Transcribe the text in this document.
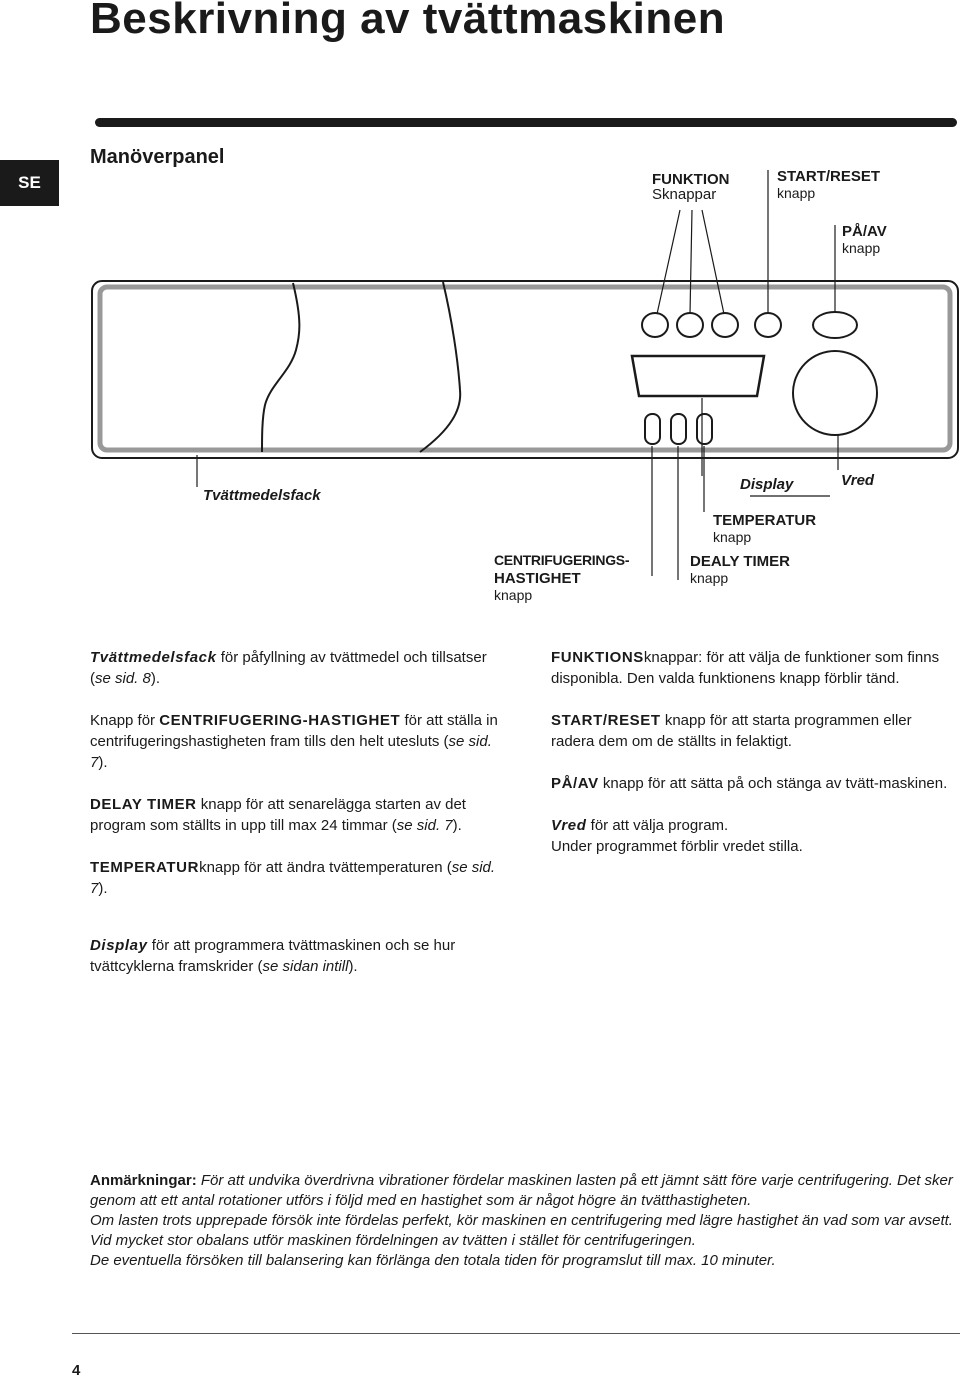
Beskrivning av tvättmaskinen
SE
Manöverpanel
FUNKTION
Sknappar
START/RESET
knapp
PÅ/AV
knapp
Tvättmedelsfack
Display	Vred
TEMPERATUR
knapp
CENTRIFUGERINGS-
HASTIGHET
knapp
DEALY TIMER
knapp

Tvättmedelsfack för påfyllning av tvättmedel och tillsatser (se sid. 8).

Knapp för CENTRIFUGERING-HASTIGHET för att ställa in centrifugeringshastigheten fram tills den helt utesluts (se sid. 7).

DELAY TIMER knapp för att senarelägga starten av det program som ställts in upp till max 24 timmar (se sid. 7).

TEMPERATURknapp för att ändra tvättemperaturen (se sid. 7).

FUNKTIONSknappar: för att välja de funktioner som finns disponibla. Den valda funktionens knapp förblir tänd.

START/RESET knapp för att starta programmen eller radera dem om de ställts in felaktigt.

PÅ/AV knapp för att sätta på och stänga av tvätt-maskinen.

Vred för att välja program.
Under programmet förblir vredet stilla.

Display för att programmera tvättmaskinen och se hur tvättcyklerna framskrider (se sidan intill).
Anmärkningar: För att undvika överdrivna vibrationer fördelar maskinen lasten på ett jämnt sätt före varje centrifugering. Det sker genom att ett antal rotationer utförs i följd med en hastighet som är något högre än tvätthastigheten.
Om lasten trots upprepade försök inte fördelas perfekt, kör maskinen en centrifugering med lägre hastighet än vad som var avsett.
Vid mycket stor obalans utför maskinen fördelningen av tvätten i stället för centrifugeringen.
De eventuella försöken till balansering kan förlänga den totala tiden för programslut till max. 10 minuter.
4
